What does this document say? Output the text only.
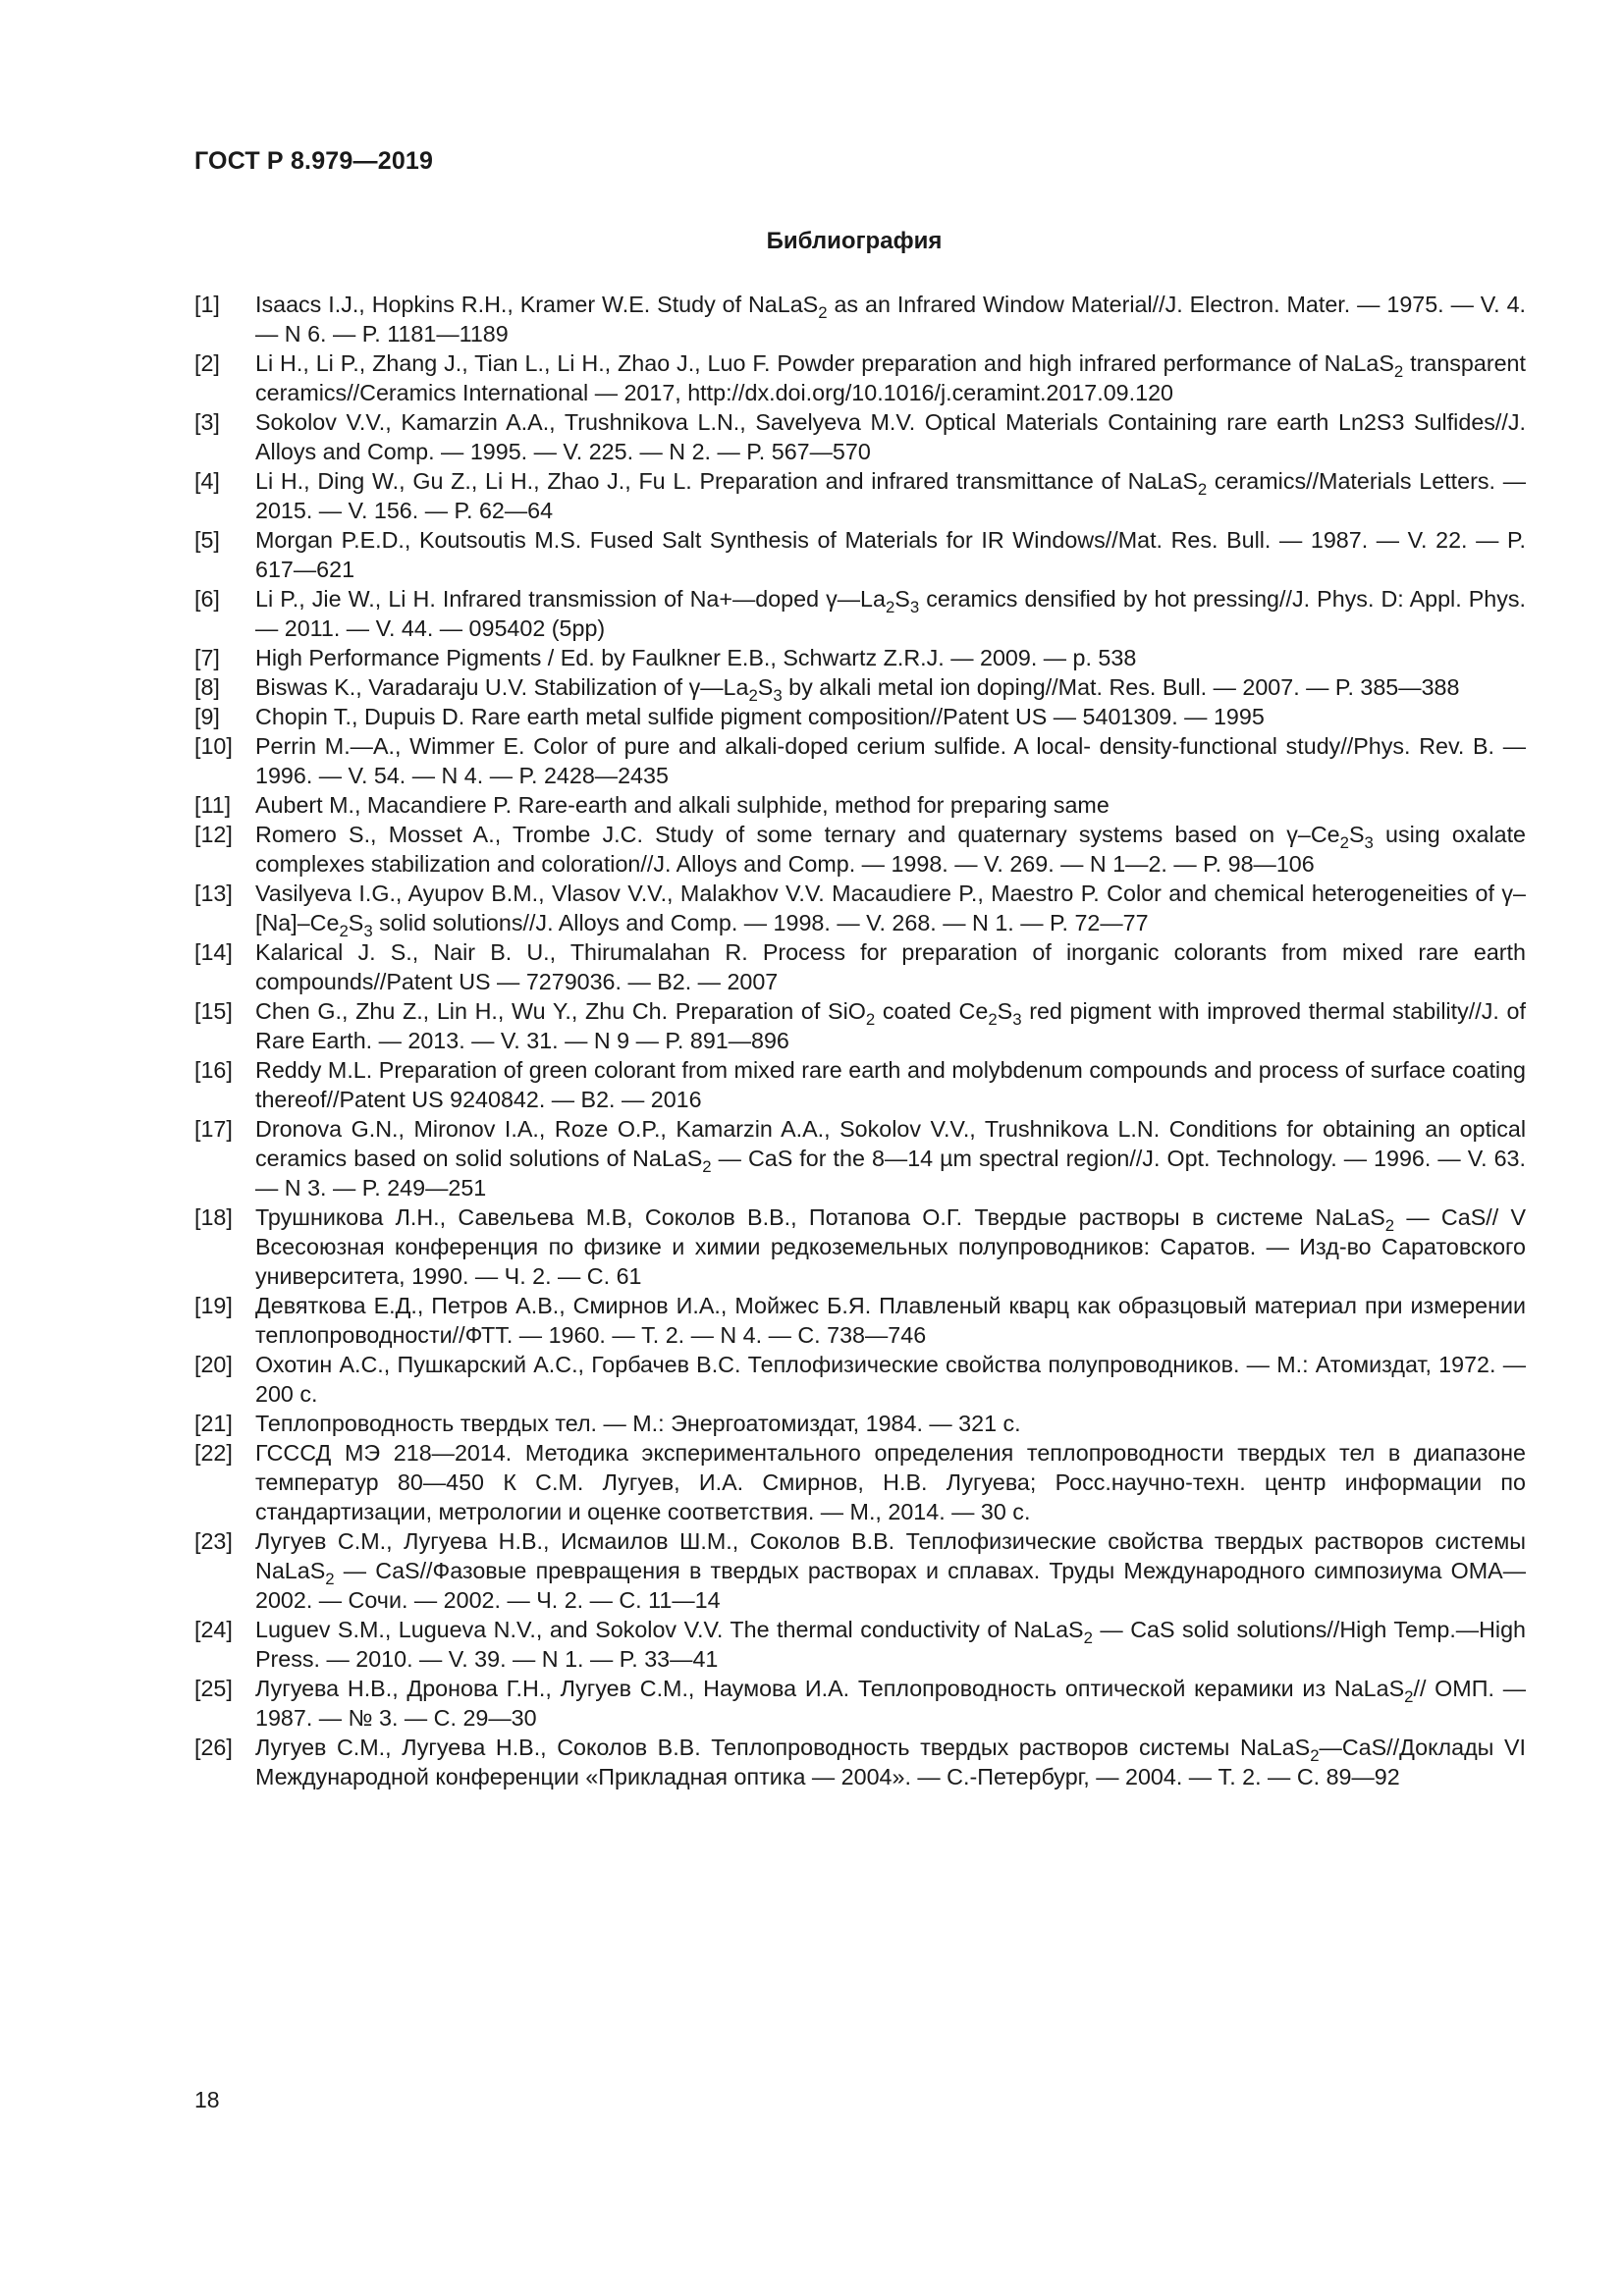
ГОСТ Р 8.979—2019
Библиография
[1]	Isaacs I.J., Hopkins R.H., Kramer W.E. Study of NaLaS$_2$ as an Infrared Window Material//J. Electron. Mater. — 1975. — V. 4. — N 6. — P. 1181—1189
[2]	Li H., Li P., Zhang J., Tian L., Li H., Zhao J., Luo F. Powder preparation and high infrared performance of NaLaS$_2$ transparent ceramics//Ceramics International — 2017, http://dx.doi.org/10.1016/j.ceramint.2017.09.120
[3]	Sokolov V.V., Kamarzin A.A., Trushnikova L.N., Savelyeva M.V. Optical Materials Containing rare earth Ln2S3 Sulfides//J. Alloys and Comp. — 1995. — V. 225. — N 2. — P. 567—570
[4]	Li H., Ding W., Gu Z., Li H., Zhao J., Fu L. Preparation and infrared transmittance of NaLaS$_2$ ceramics//Materials Letters. — 2015. — V. 156. — P. 62—64
[5]	Morgan P.E.D., Koutsoutis M.S. Fused Salt Synthesis of Materials for IR Windows//Mat. Res. Bull. — 1987. — V. 22. — P. 617—621
[6]	Li P., Jie W., Li H. Infrared transmission of Na+—doped $\gamma—La_2S_3$ ceramics densified by hot pressing//J. Phys. D: Appl. Phys. — 2011. — V. 44. — 095402 (5pp)
[7]	High Performance Pigments / Ed. by Faulkner E.B., Schwartz Z.R.J. — 2009. — p. 538
[8]	Biswas K., Varadaraju U.V. Stabilization of $\gamma—La_2S_3$ by alkali metal ion doping//Mat. Res. Bull. — 2007. — P. 385—388
[9]	Chopin T., Dupuis D. Rare earth metal sulfide pigment composition//Patent US — 5401309. — 1995
[10] Perrin M.—A., Wimmer E. Color of pure and alkali-doped cerium sulfide. A local- density-functional study//Phys. Rev. B. — 1996. — V. 54. — N 4. — P. 2428—2435
[11]	Aubert M., Macandiere P. Rare-earth and alkali sulphide, method for preparing same
[12] Romero S., Mosset A., Trombe J.C. Study of some ternary and quaternary systems based on $\gamma-Ce_2S_3$ using oxalate complexes stabilization and coloration//J. Alloys and Comp. — 1998. — V. 269. — N 1—2. — P. 98—106
[13] Vasilyeva I.G., Ayupov B.M., Vlasov V.V., Malakhov V.V. Macaudiere P., Maestro P. Color and chemical heterogeneities of $\gamma-[Na]-Ce_2S_3$ solid solutions//J. Alloys and Comp. — 1998. — V. 268. — N 1. — P. 72—77
[14] Kalarical J. S., Nair B. U., Thirumalahan R. Process for preparation of inorganic colorants from mixed rare earth compounds//Patent US — 7279036. — B2. — 2007
[15] Chen G., Zhu Z., Lin H., Wu Y., Zhu Ch. Preparation of SiO$_2$ coated $Ce_2S_3$ red pigment with improved thermal stability//J. of Rare Earth. — 2013. — V. 31. — N 9 — P. 891—896
[16] Reddy M.L. Preparation of green colorant from mixed rare earth and molybdenum compounds and process of surface coating thereof//Patent US 9240842. — B2. — 2016
[17] Dronova G.N., Mironov I.A., Roze O.P., Kamarzin A.A., Sokolov V.V., Trushnikova L.N. Conditions for obtaining an optical ceramics based on solid solutions of NaLaS$_2$ — CaS for the 8—14 µm spectral region//J. Opt. Technology. — 1996. — V. 63. — N 3. — P. 249—251
[18] Трушникова Л.Н., Савельева М.В, Соколов В.В., Потапова О.Г. Твердые растворы в системе NaLaS$_2$ — CaS// V Всесоюзная конференция по физике и химии редкоземельных полупроводников: Саратов. — Изд-во Саратовского университета, 1990. — Ч. 2. — С. 61
[19] Девяткова Е.Д., Петров А.В., Смирнов И.А., Мойжес Б.Я. Плавленый кварц как образцовый материал при измерении теплопроводности//ФТТ. — 1960. — Т. 2. — N 4. — С. 738—746
[20] Охотин А.С., Пушкарский А.С., Горбачев В.С. Теплофизические свойства полупроводников. — М.: Атомиздат, 1972. — 200 с.
[21] Теплопроводность твердых тел. — М.: Энергоатомиздат, 1984. — 321 с.
[22] ГСССД МЭ 218—2014. Методика экспериментального определения теплопроводности твердых тел в диапазоне температур 80—450 К С.М. Лугуев, И.А. Смирнов, Н.В. Лугуева; Росс.научно-техн. центр информации по стандартизации, метрологии и оценке соответствия. — М., 2014. — 30 с.
[23] Лугуев С.М., Лугуева Н.В., Исмаилов Ш.М., Соколов В.В. Теплофизические свойства твердых растворов системы NaLaS$_2$ — CaS//Фазовые превращения в твердых растворах и сплавах. Труды Международного симпозиума ОМА—2002. — Сочи. — 2002. — Ч. 2. — С. 11—14
[24] Luguev S.M., Lugueva N.V., and Sokolov V.V. The thermal conductivity of NaLaS$_2$ — CaS solid solutions//High Temp.—High Press. — 2010. — V. 39. — N 1. — P. 33—41
[25] Лугуева Н.В., Дронова Г.Н., Лугуев С.М., Наумова И.А. Теплопроводность оптической керамики из NaLaS$_2$// ОМП. — 1987. — № 3. — С. 29—30
[26] Лугуев С.М., Лугуева Н.В., Соколов В.В. Теплопроводность твердых растворов системы NaLaS$_2$—CaS//Доклады VI Международной конференции «Прикладная оптика — 2004». — С.-Петербург, — 2004. — Т. 2. — С. 89—92
18
